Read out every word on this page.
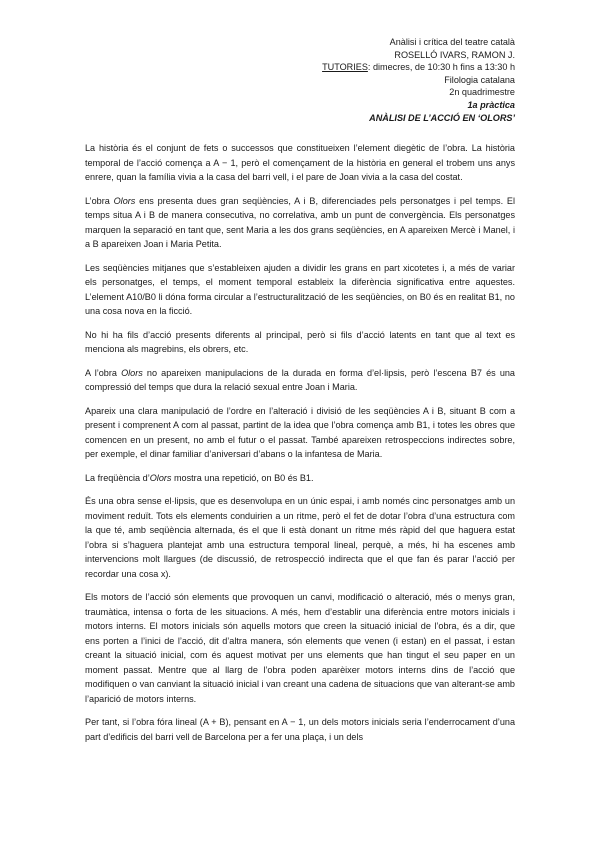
Anàlisi i crítica del teatre català
ROSELLÓ IVARS, RAMON J.
TUTORIES: dimecres, de 10:30 h fins a 13:30 h
Filologia catalana
2n quadrimestre
1a pràctica
ANÀLISI DE L’ACCIÓ EN ‘OLORS’

La història és el conjunt de fets o successos que constitueixen l’element diegètic de l’obra. La història temporal de l’acció comença a A − 1, però el començament de la història en general el trobem uns anys enrere, quan la família vivia a la casa del barri vell, i el pare de Joan vivia a la casa del costat.

L’obra Olors ens presenta dues gran seqüències, A i B, diferenciades pels personatges i pel temps. El temps situa A i B de manera consecutiva, no correlativa, amb un punt de convergència. Els personatges marquen la separació en tant que, sent Maria a les dos grans seqüències, en A apareixen Mercè i Manel, i a B apareixen Joan i Maria Petita.

Les seqüències mitjanes que s’estableixen ajuden a dividir les grans en part xicotetes i, a més de variar els personatges, el temps, el moment temporal estableix la diferència significativa entre aquestes. L’element A10/B0 li dóna forma circular a l’estructuralització de les seqüències, on B0 és en realitat B1, no una cosa nova en la ficció.

No hi ha fils d’acció presents diferents al principal, però si fils d’acció latents en tant que al text es menciona als magrebins, els obrers, etc.

A l’obra Olors no apareixen manipulacions de la durada en forma d’el·lipsis, però l’escena B7 és una compressió del temps que dura la relació sexual entre Joan i Maria.

Apareix una clara manipulació de l’ordre en l’alteració i divisió de les seqüències A i B, situant B com a present i comprenent A com al passat, partint de la idea que l’obra comença amb B1, i totes les obres que comencen en un present, no amb el futur o el passat. També apareixen retrospeccions indirectes sobre, per exemple, el dinar familiar d’aniversari d’abans o la infantesa de Maria.

La freqüència d’Olors mostra una repetició, on B0 és B1.

És una obra sense el·lipsis, que es desenvolupa en un únic espai, i amb només cinc personatges amb un moviment reduït. Tots els elements conduirien a un ritme, però el fet de dotar l’obra d’una estructura com la que té, amb seqüència alternada, és el que li està donant un ritme més ràpid del que haguera estat l’obra si s’haguera plantejat amb una estructura temporal lineal, perquè, a més, hi ha escenes amb intervencions molt llargues (de discussió, de retrospecció indirecta que el que fan és parar l’acció per recordar una cosa x).

Els motors de l’acció són elements que provoquen un canvi, modificació o alteració, més o menys gran, traumàtica, intensa o forta de les situacions. A més, hem d’establir una diferència entre motors inicials i motors interns. El motors inicials són aquells motors que creen la situació inicial de l’obra, és a dir, que ens porten a l’inici de l’acció, dit d’altra manera, són elements que venen (i estan) en el passat, i estan creant la situació inicial, com és aquest motivat per uns elements que han tingut el seu paper en un moment passat. Mentre que al llarg de l’obra poden aparèixer motors interns dins de l’acció que modifiquen o van canviant la situació inicial i van creant una cadena de situacions que van alterant-se amb l’aparició de motors interns.

Per tant, si l’obra fóra lineal (A + B), pensant en A − 1, un dels motors inicials seria l’enderrocament d’una part d’edificis del barri vell de Barcelona per a fer una plaça, i un dels
